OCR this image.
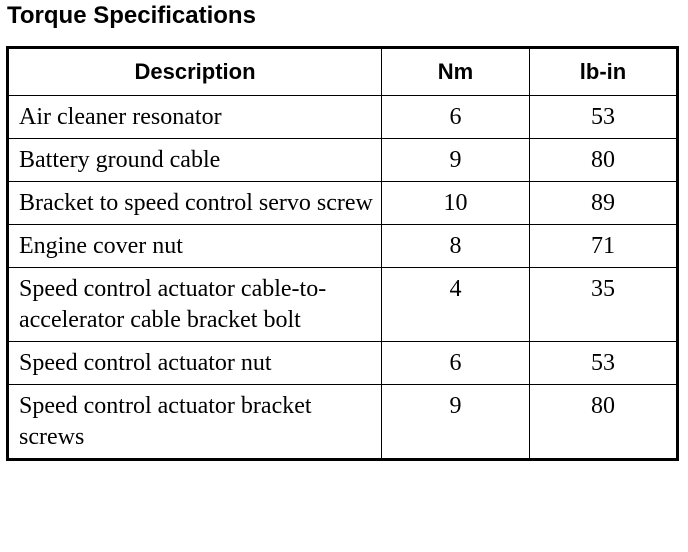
Torque Specifications
Description	Nm	lb-in
Air cleaner resonator	6	53
Battery ground cable	9	80
Bracket to speed control servo screw	10	89
Engine cover nut	8	71
Speed control actuator cable-to-accelerator cable bracket bolt	4	35
Speed control actuator nut	6	53
Speed control actuator bracket screws	9	80
